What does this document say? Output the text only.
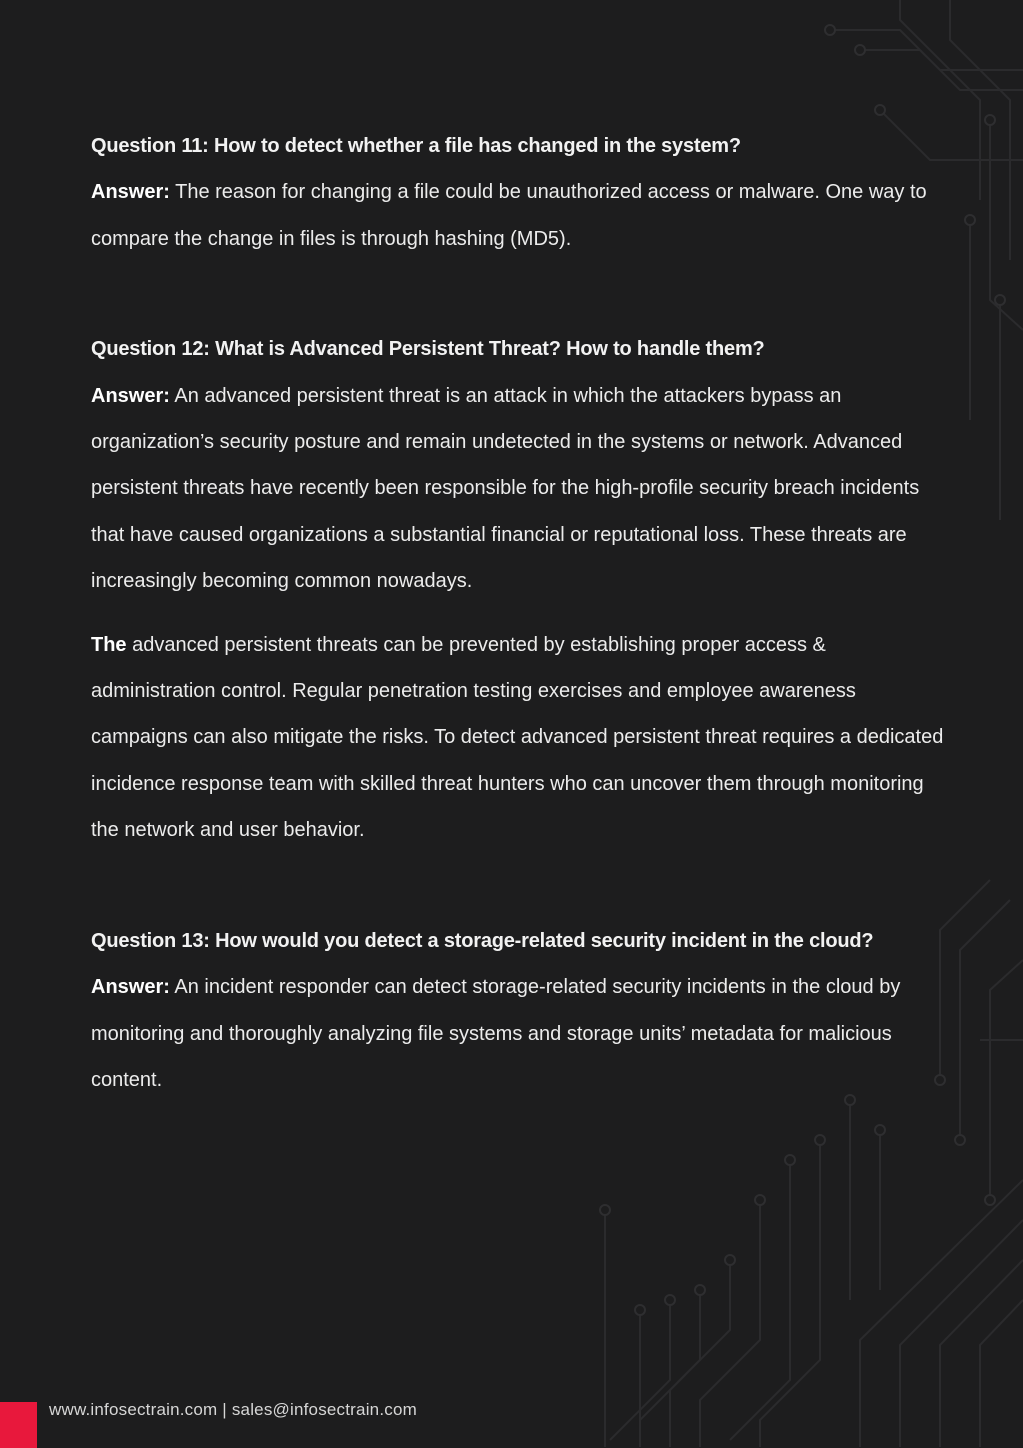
Question 11: How to detect whether a file has changed in the system?

Answer: The reason for changing a file could be unauthorized access or malware. One way to compare the change in files is through hashing (MD5).

Question 12: What is Advanced Persistent Threat? How to handle them?

Answer: An advanced persistent threat is an attack in which the attackers bypass an organization’s security posture and remain undetected in the systems or network. Advanced persistent threats have recently been responsible for the high-profile security breach incidents that have caused organizations a substantial financial or reputational loss. These threats are increasingly becoming common nowadays.

The advanced persistent threats can be prevented by establishing proper access & administration control. Regular penetration testing exercises and employee awareness campaigns can also mitigate the risks. To detect advanced persistent threat requires a dedicated incidence response team with skilled threat hunters who can uncover them through monitoring the network and user behavior.

Question 13: How would you detect a storage-related security incident in the cloud?

Answer: An incident responder can detect storage-related security incidents in the cloud by monitoring and thoroughly analyzing file systems and storage units’ metadata for malicious content.

www.infosectrain.com | sales@infosectrain.com
